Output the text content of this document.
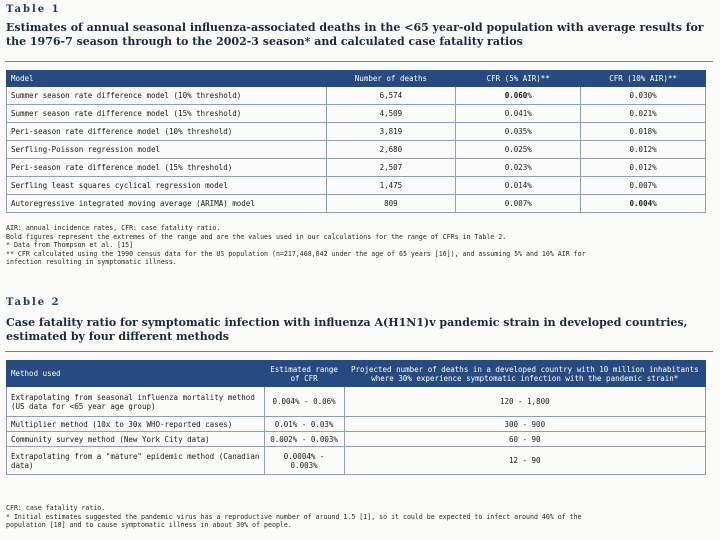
Table 1
Estimates of annual seasonal influenza-associated deaths in the <65 year-old population with average results for the 1976-7 season through to the 2002-3 season* and calculated case fatality ratios
Model	Number of deaths	CFR (5% AIR)**	CFR (10% AIR)**
Summer season rate difference model (10% threshold)	6,574	0.060%	0.030%
Summer season rate difference model (15% threshold)	4,509	0.041%	0.021%
Peri-season rate difference model (10% threshold)	3,819	0.035%	0.018%
Serfling-Poisson regression model	2,680	0.025%	0.012%
Peri-season rate difference model (15% threshold)	2,507	0.023%	0.012%
Serfling least squares cyclical regression model	1,475	0.014%	0.007%
Autoregressive integrated moving average (ARIMA) model	809	0.007%	0.004%
AIR: annual incidence rates, CFR: case fatality ratio.
Bold figures represent the extremes of the range and are the values used in our calculations for the range of CFRs in Table 2.
* Data from Thompson et al. [15]
** CFR calculated using the 1990 census data for the US population (n=217,468,042 under the age of 65 years [16]), and assuming 5% and 10% AIR for
infection resulting in symptomatic illness.
Table 2
Case fatality ratio for symptomatic infection with influenza A(H1N1)v pandemic strain in developed countries, estimated by four different methods
Method used	Estimated range of CFR	Projected number of deaths in a developed country with 10 million inhabitants where 30% experience symptomatic infection with the pandemic strain*
Extrapolating from seasonal influenza mortality method (US data for <65 year age group)	0.004% - 0.06%	120 - 1,800
Multiplier method (10x to 30x WHO-reported cases)	0.01% - 0.03%	300 - 900
Community survey method (New York City data)	0.002% - 0.003%	60 - 90
Extrapolating from a "mature" epidemic method (Canadian data)	0.0004% - 0.003%	12 - 90
CFR: case fatality ratio.
* Initial estimates suggested the pandemic virus has a reproductive number of around 1.5 [1], so it could be expected to infect around 40% of the
population [18] and to cause symptomatic illness in about 30% of people.
